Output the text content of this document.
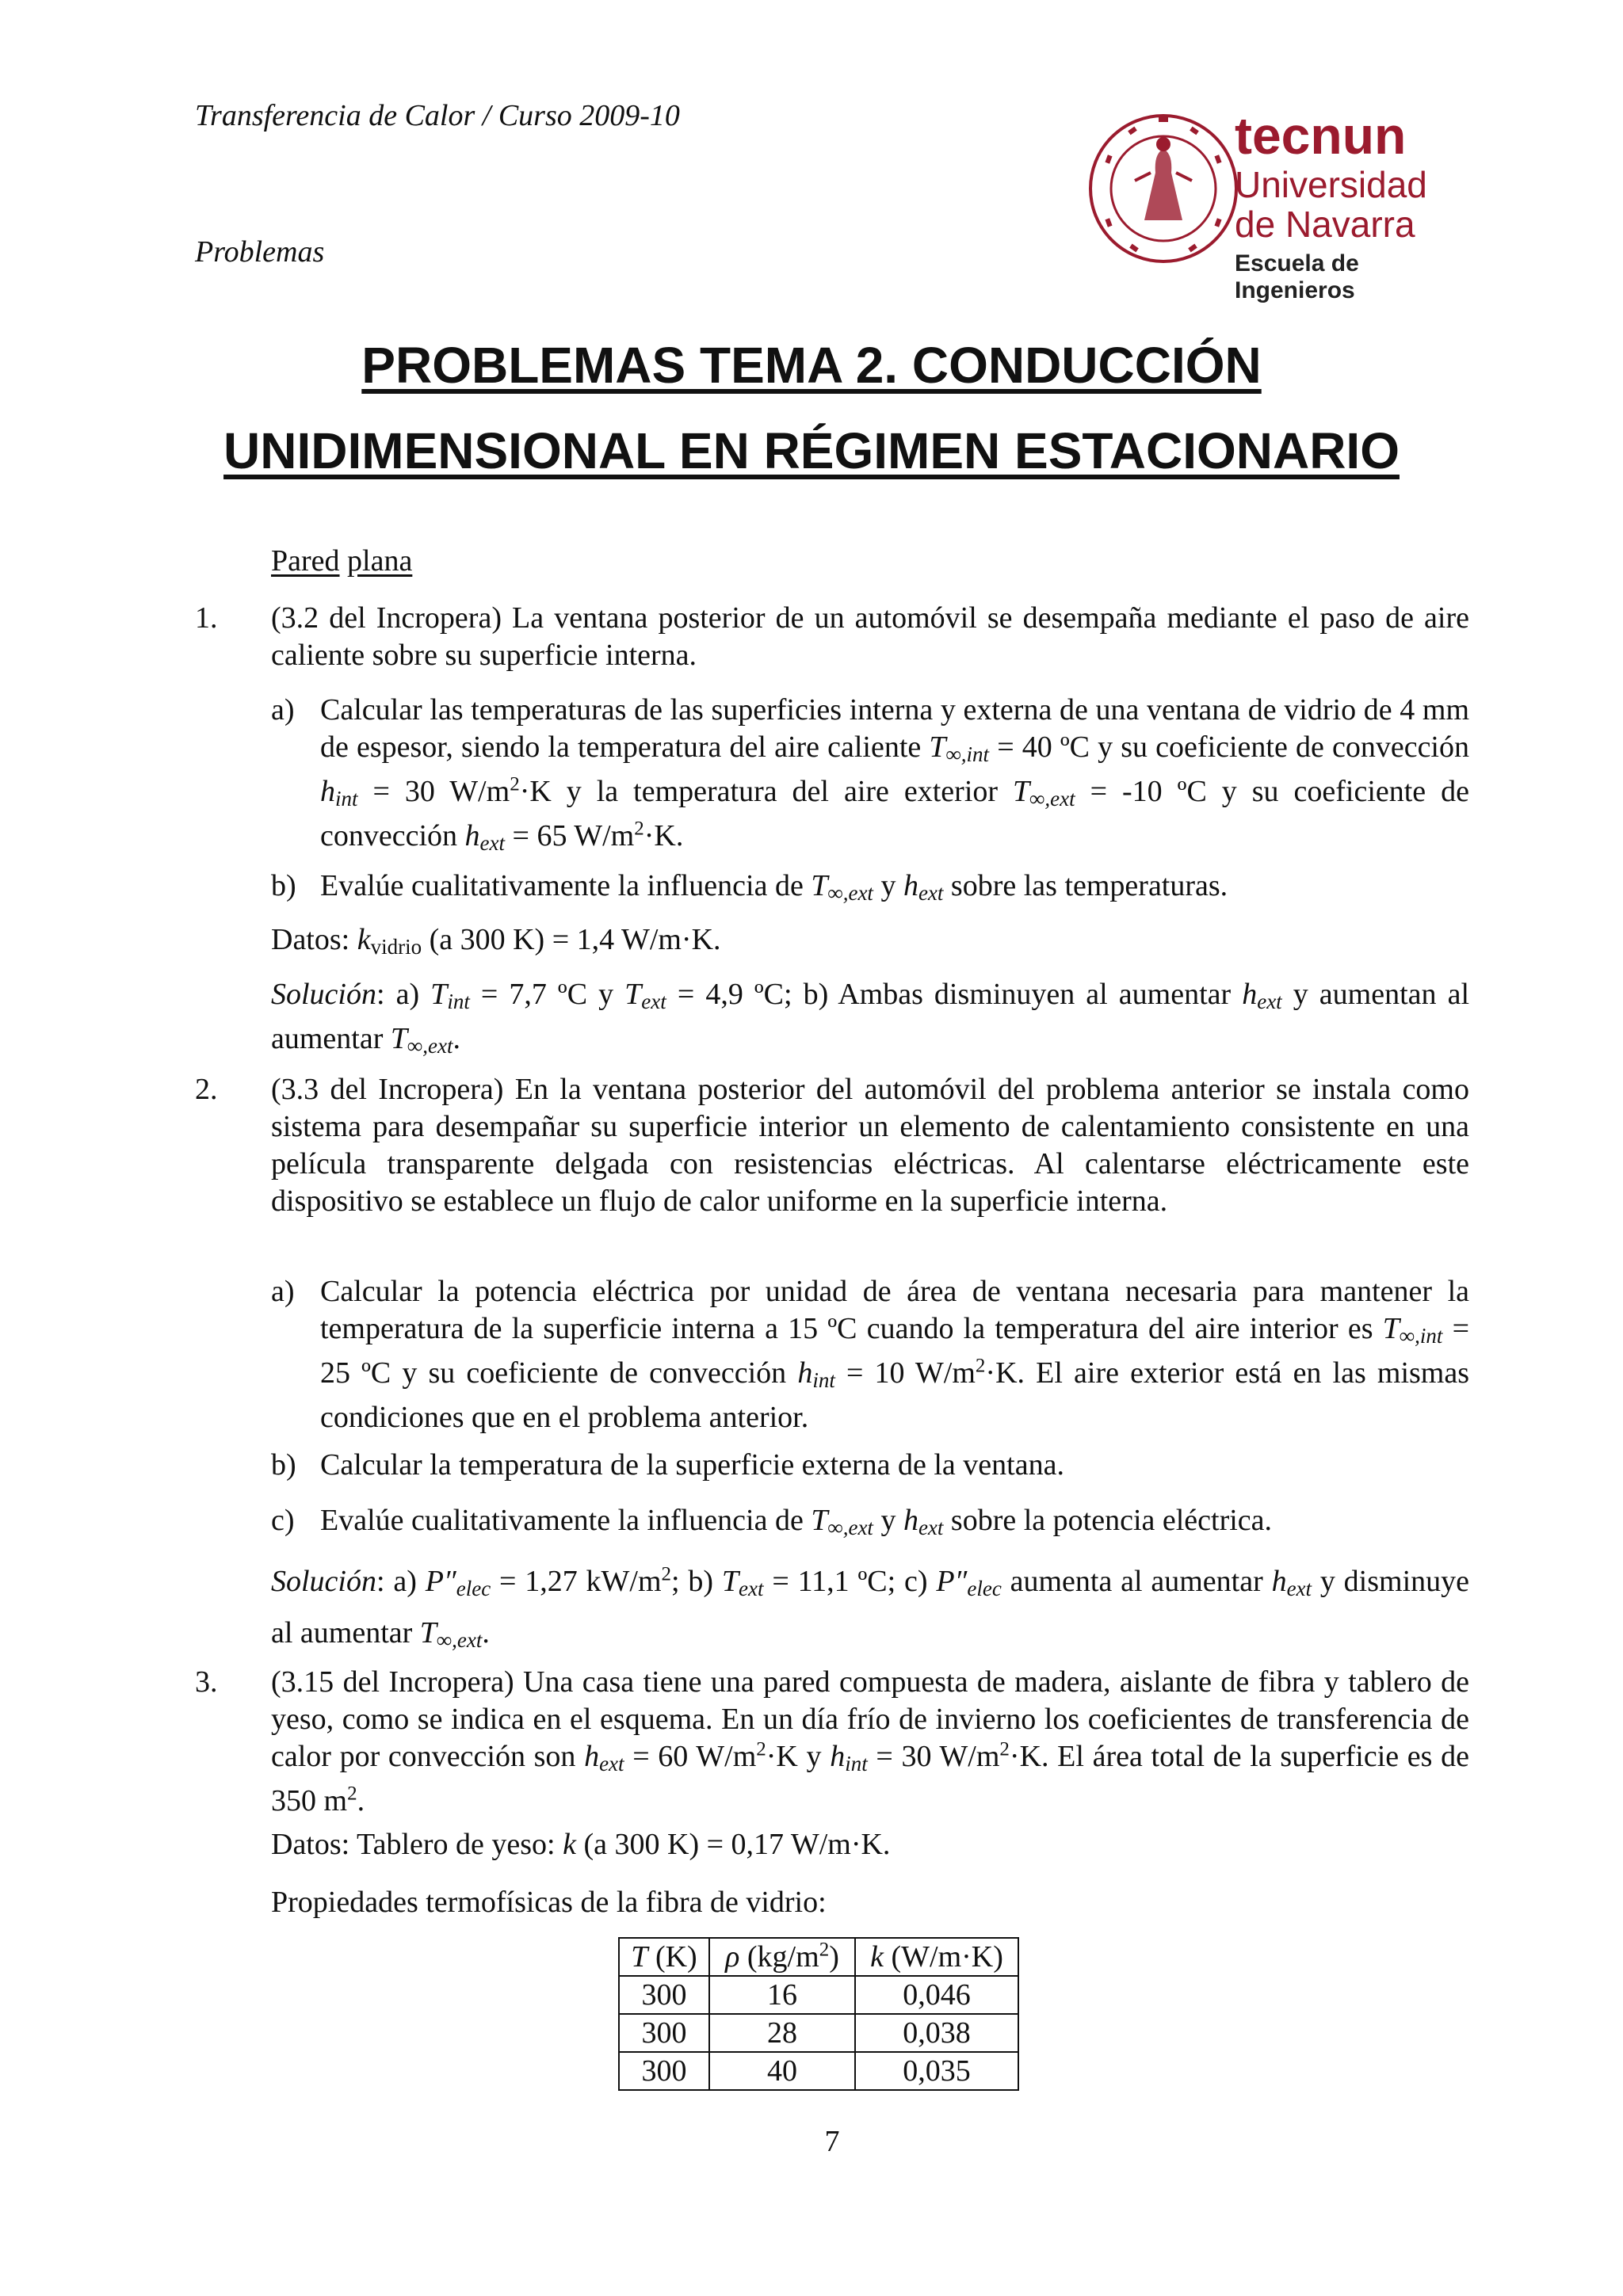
Transferencia de Calor / Curso 2009-10
Problemas
tecnun
Universidad
de Navarra
Escuela de Ingenieros
PROBLEMAS TEMA 2. CONDUCCIÓN
UNIDIMENSIONAL EN RÉGIMEN ESTACIONARIO
Pared plana
1. (3.2 del Incropera) La ventana posterior de un automóvil se desempaña mediante el paso de aire caliente sobre su superficie interna.
a) Calcular las temperaturas de las superficies interna y externa de una ventana de vidrio de 4 mm de espesor, siendo la temperatura del aire caliente $T_{\infty,int} = 40$ ºC y su coeficiente de convección $h_{int} = 30$ $W/m^2\cdot K$ y la temperatura del aire exterior $T_{\infty,ext} = -10$ ºC y su coeficiente de convección $h_{ext} = 65$ $W/m^2\cdot K$.
b) Evalúe cualitativamente la influencia de $T_{\infty,ext}$ y $h_{ext}$ sobre las temperaturas.
Datos: kvidrio (a 300 K) = 1,4 W/m·K.
Solución: a) $T_{int} = 7,7$ ºC y $T_{ext} = 4,9$ ºC; b) Ambas disminuyen al aumentar $h_{ext}$ y aumentan al aumentar $T_{\infty,ext}$.
2. (3.3 del Incropera) En la ventana posterior del automóvil del problema anterior se instala como sistema para desempañar su superficie interior un elemento de calentamiento consistente en una película transparente delgada con resistencias eléctricas. Al calentarse eléctricamente este dispositivo se establece un flujo de calor uniforme en la superficie interna.
a) Calcular la potencia eléctrica por unidad de área de ventana necesaria para mantener la temperatura de la superficie interna a 15 ºC cuando la temperatura del aire interior es $T_{\infty,int} = 25$ ºC y su coeficiente de convección $h_{int} = 10$ $W/m^2\cdot K$. El aire exterior está en las mismas condiciones que en el problema anterior.
b) Calcular la temperatura de la superficie externa de la ventana.
c) Evalúe cualitativamente la influencia de $T_{\infty,ext}$ y $h_{ext}$ sobre la potencia eléctrica.
Solución: a) $P''_{elec} = 1,27$ $kW/m^2$; b) $T_{ext} = 11,1$ ºC; c) $P''_{elec}$ aumenta al aumentar $h_{ext}$ y disminuye al aumentar $T_{\infty,ext}$.
3. (3.15 del Incropera) Una casa tiene una pared compuesta de madera, aislante de fibra y tablero de yeso, como se indica en el esquema. En un día frío de invierno los coeficientes de transferencia de calor por convección son $h_{ext} = 60$ $W/m^2\cdot K$ y $h_{int} = 30$ $W/m^2\cdot K$. El área total de la superficie es de 350 $m^2$.
Datos: Tablero de yeso: k (a 300 K) = 0,17 W/m·K.
Propiedades termofísicas de la fibra de vidrio:
T (K)	ρ $(kg/m^2)$	k (W/m·K)
300	16	0,046
300	28	0,038
300	40	0,035
7
